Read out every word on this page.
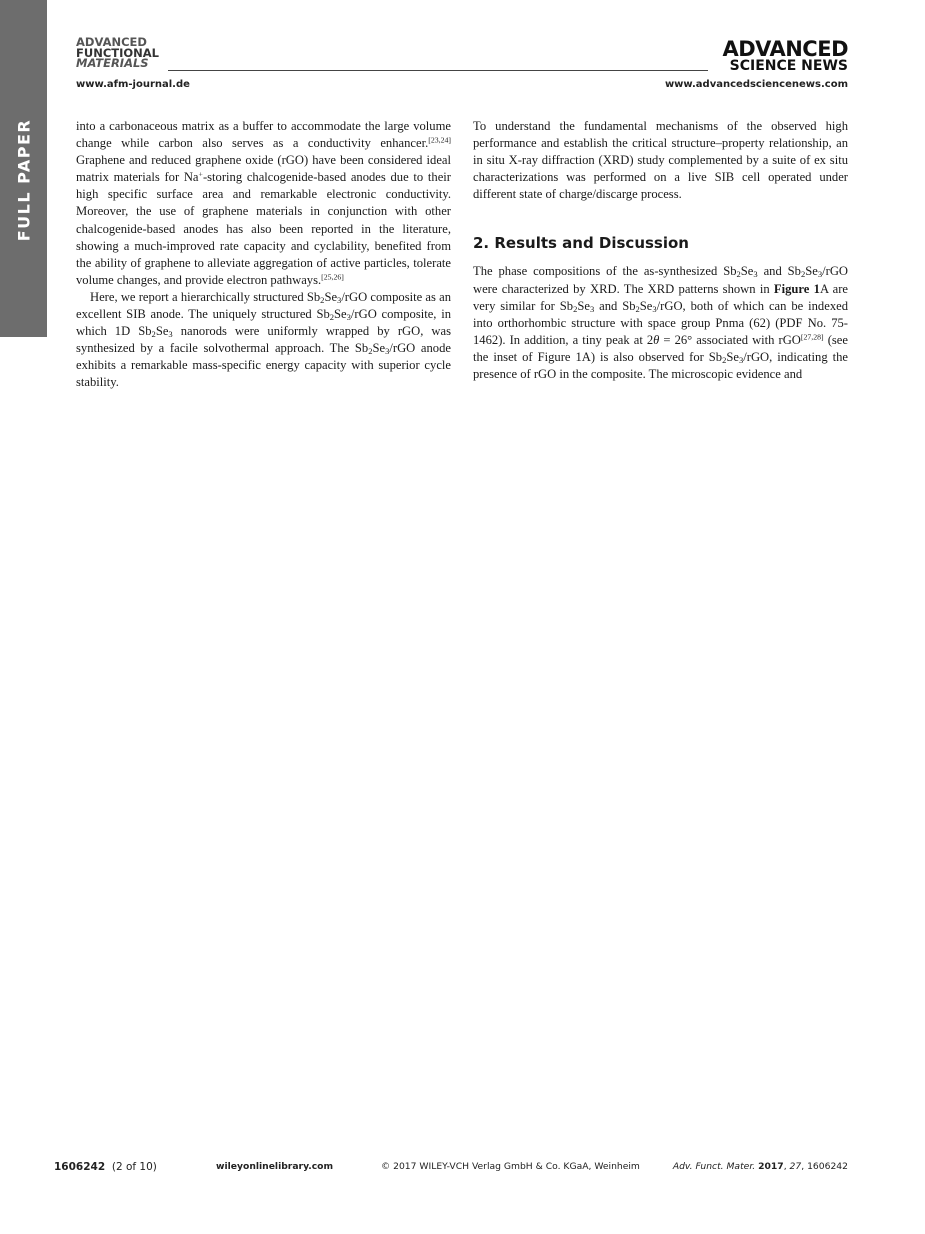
FULL PAPER
ADVANCED
FUNCTIONAL
MATERIALS
ADVANCED
SCIENCE NEWS
www.afm-journal.de	www.advancedsciencenews.com

into a carbonaceous matrix as a buffer to accommodate the large volume change while carbon also serves as a conductivity enhancer.[23,24] Graphene and reduced graphene oxide (rGO) have been considered ideal matrix materials for Na+-storing chalcogenide-based anodes due to their high specific surface area and remarkable electronic conductivity. Moreover, the use of graphene materials in conjunction with other chalcogenide-based anodes has also been reported in the literature, showing a much-improved rate capacity and cyclability, benefited from the ability of graphene to alleviate aggregation of active particles, tolerate volume changes, and provide electron pathways.[25,26]

Here, we report a hierarchically structured $Sb_2Se_3$/rGO composite as an excellent SIB anode. The uniquely structured $Sb_2Se_3$/rGO composite, in which 1D $Sb_2Se_3$ nanorods were uniformly wrapped by rGO, was synthesized by a facile solvothermal approach. The $Sb_2Se_3$/rGO anode exhibits a remarkable mass-specific energy capacity with superior cycle stability.

To understand the fundamental mechanisms of the observed high performance and establish the critical structure–property relationship, an in situ X-ray diffraction (XRD) study complemented by a suite of ex situ characterizations was performed on a live SIB cell operated under different state of charge/discarge process.

2. Results and Discussion

The phase compositions of the as-synthesized $Sb_2Se_3$ and $Sb_2Se_3$/rGO were characterized by XRD. The XRD patterns shown in Figure 1A are very similar for $Sb_2Se_3$ and $Sb_2Se_3$/rGO, both of which can be indexed into orthorhombic structure with space group Pnma (62) (PDF No. 75-1462). In addition, a tiny peak at 2θ = 26° associated with rGO[27,28] (see the inset of Figure 1A) is also observed for $Sb_2Se_3$/rGO, indicating the presence of rGO in the composite. The microscopic evidence and

1606242 (2 of 10)	wileyonlinelibrary.com	© 2017 WILEY-VCH Verlag GmbH & Co. KGaA, Weinheim	Adv. Funct. Mater. 2017, 27, 1606242
